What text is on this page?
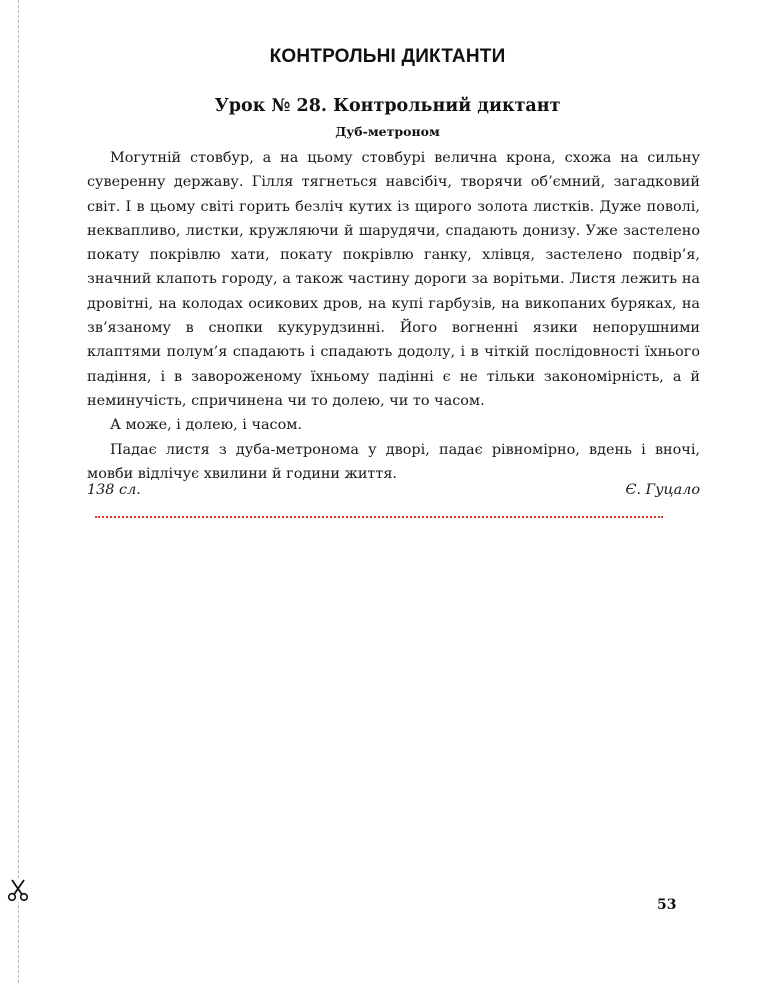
КОНТРОЛЬНІ ДИКТАНТИ
Урок № 28. Контрольний диктант
Дуб-метроном

Могутній стовбур, а на цьому стовбурі велична крона, схожа на сильну суверенну державу. Гілля тягнеться навсібіч, творячи об’ємний, загадковий світ. І в цьому світі горить безліч кутих із щирого золота листків. Дуже поволі, неквапливо, листки, кружляючи й шарудячи, спадають донизу. Уже застелено покату покрівлю хати, покату покрівлю ганку, хлівця, застелено подвір’я, значний клапоть городу, а також частину дороги за ворітьми. Листя лежить на дровітні, на колодах осикових дров, на купі гарбузів, на викопаних буряках, на зв’язаному в снопки кукурудзинні. Його вогненні язики непорушними клаптями полум’я спадають і спадають додолу, і в чіткій послідовності їхнього падіння, і в завороженому їхньому падінні є не тільки закономірність, а й неминучість, спричинена чи то долею, чи то часом.

А може, і долею, і часом.

Падає листя з дуба-метронома у дворі, падає рівномірно, вдень і вночі, мовби відлічує хвилини й години життя.

138 сл.	Є. Гуцало
53
